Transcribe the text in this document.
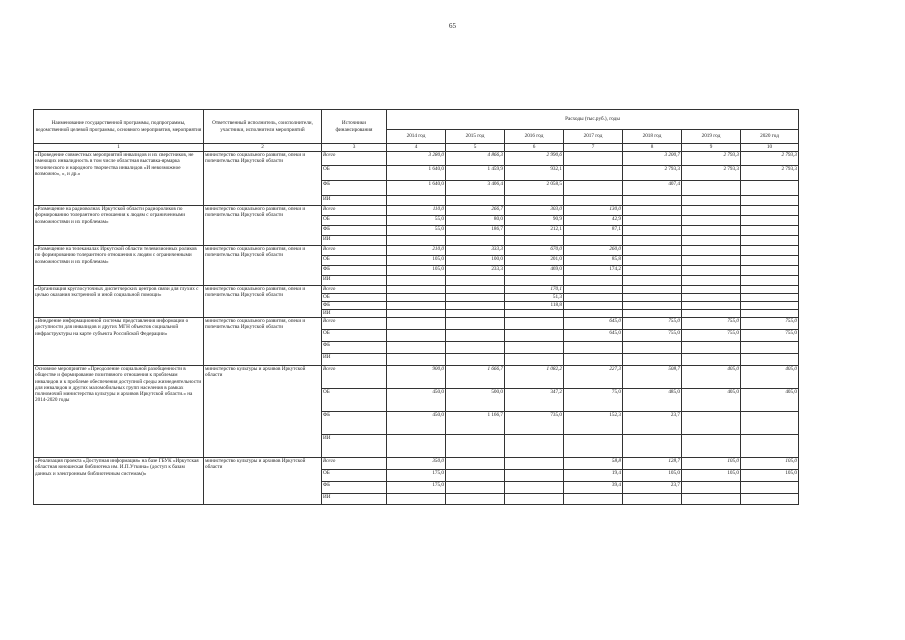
65
Наименование государственной программы, подпрограммы, ведомственной целевой программы, основного мероприятия, мероприятия	Ответственный исполнитель, соисполнители, участники, исполнители мероприятий	Источники финансирования	Расходы (тыс.руб.), годы						
			2014 год	2015 год	2016 год	2017 год	2018 год	2019 год	2020 год
1	2	3	4	5	6	7	8	9	10
«Проведение совместных мероприятий инвалидов и их сверстников, не имеющих инвалидность в том числе областная выставка-ярмарка технического и народного творчества инвалидов «И невозможное возможно», », и др.»	министерство социального развития, опеки и попечительства Иркутской области	Всего	3 280,0	4 866,3	2 990,6		3 200,7	2 793,3	2 793,3
		ОБ	1 640,0	1 459,9	932,1		2 793,3	2 793,3	2 793,3
		ФБ	1 640,0	3 406,4	2 058,5		407,4		
		ИИ							
«Размещение на радиоволнах Иркутской области радиороликов по формированию толерантного отношения к людям с ограниченными возможностями и их проблемам»	министерство социального развития, опеки и попечительства Иркутской области	Всего	110,0	266,7	303,0	130,0			
		ОБ	55,0	80,0	90,9	42,9			
		ФБ	55,0	186,7	212,1	87,1			
		ИИ							
«Размещение на телеканалах Иркутской области телевизионных роликов по формированию толерантного отношения к людям с ограниченными возможностями и их проблемам»	министерство социального развития, опеки и попечительства Иркутской области	Всего	210,0	333,3	670,0	260,0			
		ОБ	105,0	100,0	201,0	85,8			
		ФБ	105,0	233,3	469,0	174,2			
		ИИ							
«Организация круглосуточных диспетчерских центров связи для глухих с целью оказания экстренной и иной социальной помощи»	министерство социального развития, опеки и попечительства Иркутской области	Всего			170,1				
		ОБ			51,3				
		ФБ			118,8				
		ИИ							
«Внедрение информационной системы представления информации о доступности для инвалидов и других МГН объектов социальной инфраструктуры на карте субъекта Российской Федерации»	министерство социального развития, опеки и попечительства Иркутской области	Всего				645,0	755,0	755,0	755,0
		ОБ				645,0	755,0	755,0	755,0
		ФБ							
		ИИ							
Основное мероприятие «Преодоление социальной разобщенности в обществе и формирование позитивного отношения к проблемам инвалидов и к проблеме обеспечения доступной среды жизнедеятельности для инвалидов и других маломобильных групп населения в рамках полномочий министерства культуры и архивов Иркутской области.» на 2014-2020 годы	министерство культуры и архивов Иркутской области	Всего	900,0	1 666,7	1 082,2	227,3	508,7	405,0	405,0
		ОБ	450,0	500,0	347,2	75,0	485,0	405,0	405,0
		ФБ	450,0	1 166,7	735,0	152,3	23,7		
		ИИ							
«Реализация проекта «Доступная информация» на базе ГБУК «Иркутская областная юношеская библиотека им. И.П.Уткина» (доступ к базам данных и электронным библиотечным системам)»	министерство культуры и архивов Иркутской области	Всего	350,0			58,8	128,7	105,0	105,0
		ОБ	175,0			19,4	105,0	105,0	105,0
		ФБ	175,0			39,4	23,7		
		ИИ							
